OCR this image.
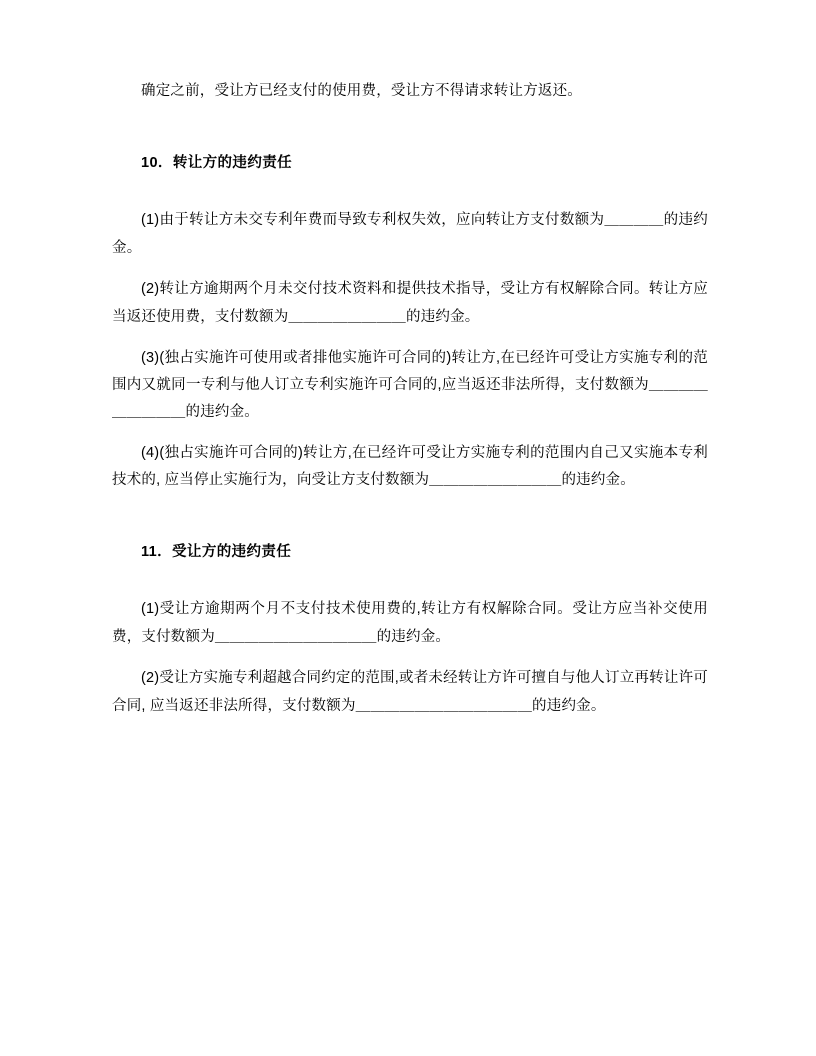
确定之前，受让方已经支付的使用费，受让方不得请求转让方返还。

10．转让方的违约责任

(1)由于转让方未交专利年费而导致专利权失效，应向转让方支付数额为＿＿＿＿的违约金。

(2)转让方逾期两个月未交付技术资料和提供技术指导，受让方有权解除合同。转让方应当返还使用费，支付数额为＿＿＿＿＿＿＿＿的违约金。

(3)(独占实施许可使用或者排他实施许可合同的)转让方,在已经许可受让方实施专利的范围内又就同一专利与他人订立专利实施许可合同的,应当返还非法所得，支付数额为＿＿＿＿＿＿＿＿＿的违约金。

(4)(独占实施许可合同的)转让方,在已经许可受让方实施专利的范围内自己又实施本专利技术的, 应当停止实施行为，向受让方支付数额为＿＿＿＿＿＿＿＿＿的违约金。

11．受让方的违约责任

(1)受让方逾期两个月不支付技术使用费的,转让方有权解除合同。受让方应当补交使用费，支付数额为＿＿＿＿＿＿＿＿＿＿＿的违约金。

(2)受让方实施专利超越合同约定的范围,或者未经转让方许可擅自与他人订立再转让许可合同, 应当返还非法所得，支付数额为＿＿＿＿＿＿＿＿＿＿＿＿的违约金。
